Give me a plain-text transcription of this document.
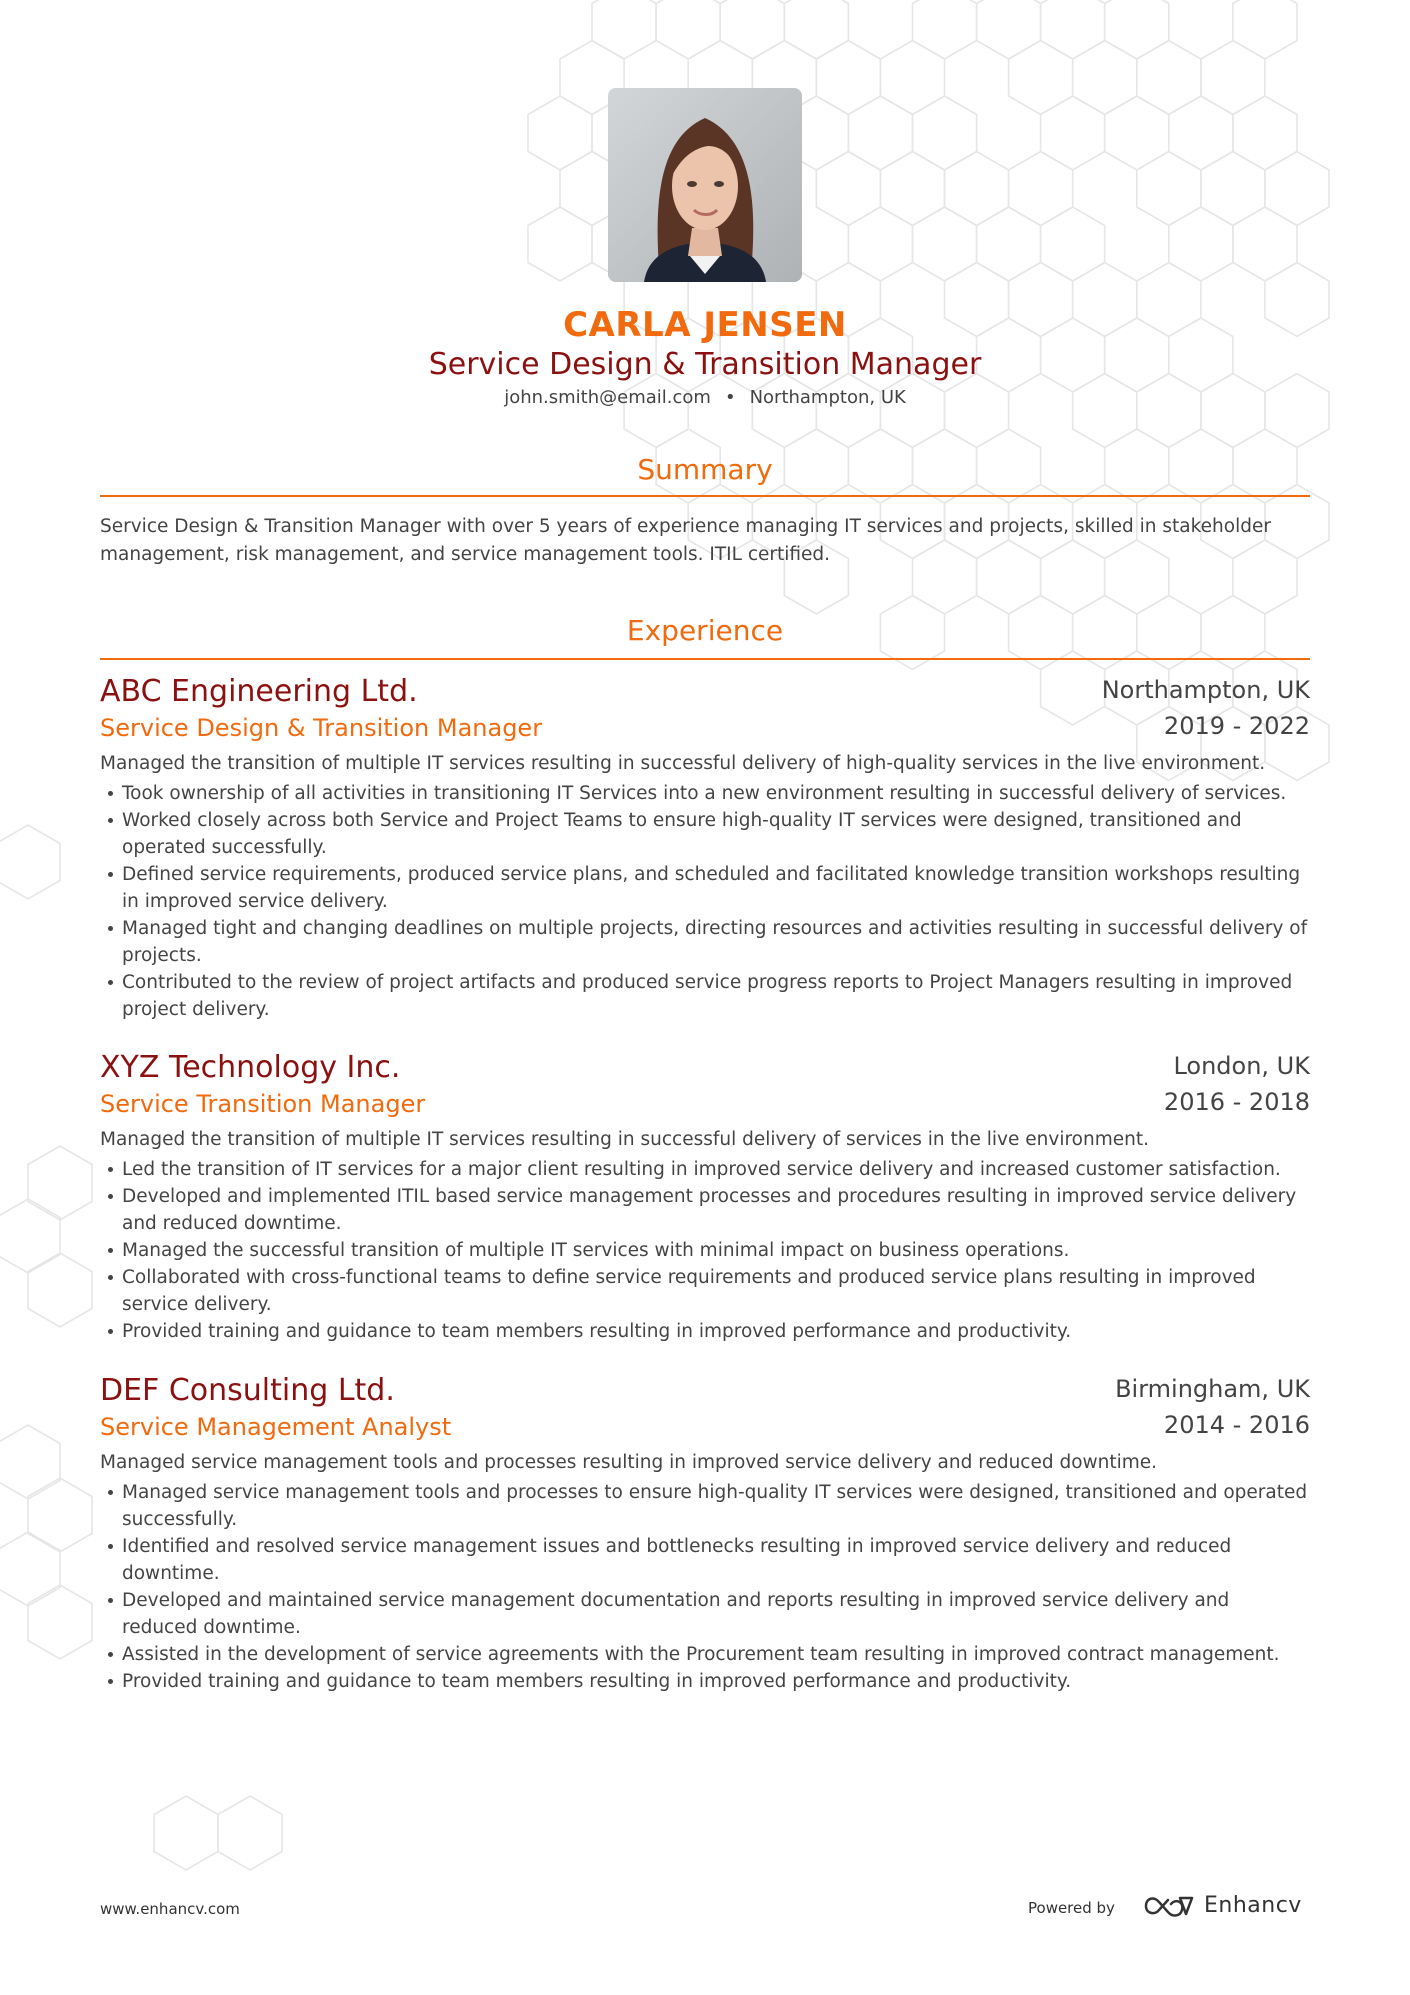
CARLA JENSEN
Service Design & Transition Manager
john.smith@email.com • Northampton, UK
Summary
Service Design & Transition Manager with over 5 years of experience managing IT services and projects, skilled in stakeholder management, risk management, and service management tools. ITIL certified.
Experience
ABC Engineering Ltd.	Northampton, UK
Service Design & Transition Manager	2019 - 2022
Managed the transition of multiple IT services resulting in successful delivery of high-quality services in the live environment.
Took ownership of all activities in transitioning IT Services into a new environment resulting in successful delivery of services.
Worked closely across both Service and Project Teams to ensure high-quality IT services were designed, transitioned and operated successfully.
Defined service requirements, produced service plans, and scheduled and facilitated knowledge transition workshops resulting in improved service delivery.
Managed tight and changing deadlines on multiple projects, directing resources and activities resulting in successful delivery of projects.
Contributed to the review of project artifacts and produced service progress reports to Project Managers resulting in improved project delivery.
XYZ Technology Inc.	London, UK
Service Transition Manager	2016 - 2018
Managed the transition of multiple IT services resulting in successful delivery of services in the live environment.
Led the transition of IT services for a major client resulting in improved service delivery and increased customer satisfaction.
Developed and implemented ITIL based service management processes and procedures resulting in improved service delivery and reduced downtime.
Managed the successful transition of multiple IT services with minimal impact on business operations.
Collaborated with cross-functional teams to define service requirements and produced service plans resulting in improved service delivery.
Provided training and guidance to team members resulting in improved performance and productivity.
DEF Consulting Ltd.	Birmingham, UK
Service Management Analyst	2014 - 2016
Managed service management tools and processes resulting in improved service delivery and reduced downtime.
Managed service management tools and processes to ensure high-quality IT services were designed, transitioned and operated successfully.
Identified and resolved service management issues and bottlenecks resulting in improved service delivery and reduced downtime.
Developed and maintained service management documentation and reports resulting in improved service delivery and reduced downtime.
Assisted in the development of service agreements with the Procurement team resulting in improved contract management.
Provided training and guidance to team members resulting in improved performance and productivity.
www.enhancv.com	Powered by	Enhancv
